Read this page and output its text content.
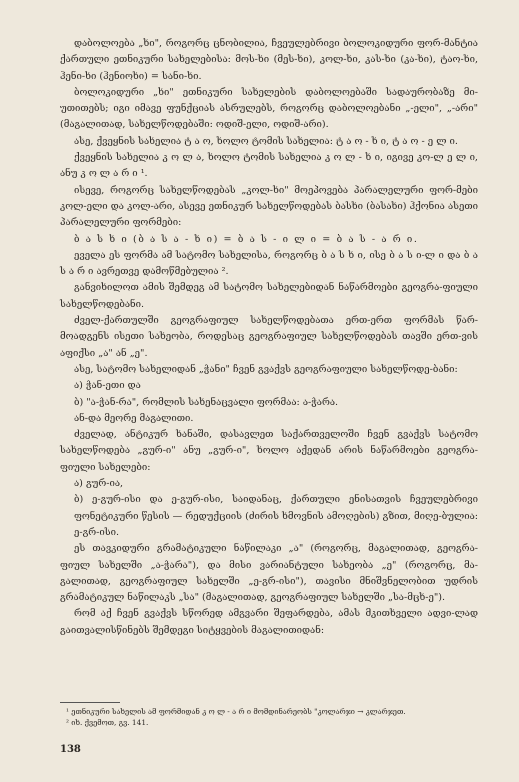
დაბოლოება „ხი", როგორც ცნობილია, ჩვეულებრივი ბოლოკიდური ფორ-მანტია ქართული ეთნიკური სახელებისა: მოს-ხი (მეს-ხი), კოლ-ხი, კას-ხი (კა-ხი), ტაო-ხი, ჰენი-ხი (ჰენიოხი) = სანი-ხი.

ბოლოკიდური „ხი" ეთნიკური სახელების დაბოლოებაში სადაურობაზე მი-უთითებს; იგი იმავე ფუნქციას ასრულებს, როგორც დაბოლოებანი „-ელი", „-არი" (მაგალითად, სახელწოდებაში: ოდიშ-ელი, ოდიშ-არი).

ასე, ქვეყნის სახელია ტ ა ო, ხოლო ტომის სახელია: ტ ა ო - ხ ი, ტ ა ო - ე ლ ი.

ქვეყნის სახელია კ ო ლ ა, ხოლო ტომის სახელია კ ო ლ - ხ ი, იგივე კო-ლ ე ლ ი, ანუ კ ო ლ ა რ ი ¹.

ისევე, როგორც სახელწოდებას „კოლ-ხი" მოეპოვება პარალელური ფორ-მები კოლ-ელი და კოლ-არი, ასევე ეთნიკურ სახელწოდებას ბასხი (ბასახი) ჰქონია ასეთი პარალელური ფორმები:

ბ ა ს ხ ი (ბ ა ს ა - ხ ი) = ბ ა ს - ი ლ ი = ბ ა ს - ა რ ი.

ეველა ეს ფორმა ამ სატომო სახელისა, როგორც ბ ა ს ხ ი, ისე ბ ა ს ი-ლ ი და ბ ა ს ა რ ი ავრეთვე დამოწმებულია ².

განვიხილოთ ამის შემდეგ ამ სატომო სახელებიდან ნაწარმოები გეოგრა-ფიული სახელწოდებანი.

ძველ-ქართულში გეოგრაფიულ სახელწოდებათა ერთ-ერთ ფორმას წარ-მოადგენს ისეთი სახეობა, როდესაც გეოგრაფიულ სახელწოდებას თავში ერთ-ვის აფიქსი „ა" ან „ე".

ასე, სატომო სახელიდან „ჭანი" ჩვენ გვაქვს გეოგრაფიული სახელწოდე-ბანი:

ა) ჭან-ეთი და

ბ) "ა-ჭან-რა", რომლის სახენაცვალი ფორმაა: ა-ჭარა.

ან-და მეორე მაგალითი.

ძველად, ანტიკურ ხანაში, დასავლეთ საქართველოში ჩვენ გვაქვს სატომო სახელწოდება „გურ-ი" ანუ „გურ-ი", ხოლო აქედან არის ნაწარმოები გეოგრა-ფიული სახელები:

ა) გურ-ია,

ბ) ე-გურ-ისი და ე-გურ-ისი, საიდანაც, ქართული ენისათვის ჩვეულებრივი ფონეტიკური წესის — რედუქციის (ძირის ხმოვნის ამოღების) გზით, მიღე-ბულია: ე-გრ-ისი.

ეს თავკიდური გრამატიკული ნაწილაკი „ა" (როგორც, მაგალითად, გეოგრა-ფიულ სახელში „ა-ჭარა"), და მისი ვარიანტული სახეობა „ე" (როგორც, მა-გალითად, გეოგრაფიულ სახელში „ე-გრ-ისი"), თავისი მნიშვნელობით უდრის გრამატიკულ ნაწილაკს „სა" (მაგალითად, გეოგრაფიულ სახელში „სა-მცხ-ე").

რომ აქ ჩვენ გვაქვს სწორედ ამგვარი შეფარდება, ამას მკითხველი ადვი-ლად გაითვალისწინებს შემდეგი სიტყვების მაგალითიდან:

¹ ეთნიკური სახელის ამ ფორმიდან კ ო ლ - ა რ ი მომდინარეობს "კოლარჯი → კლარჯეთ.

² იხ. ქვემოთ, გვ. 141.

138
